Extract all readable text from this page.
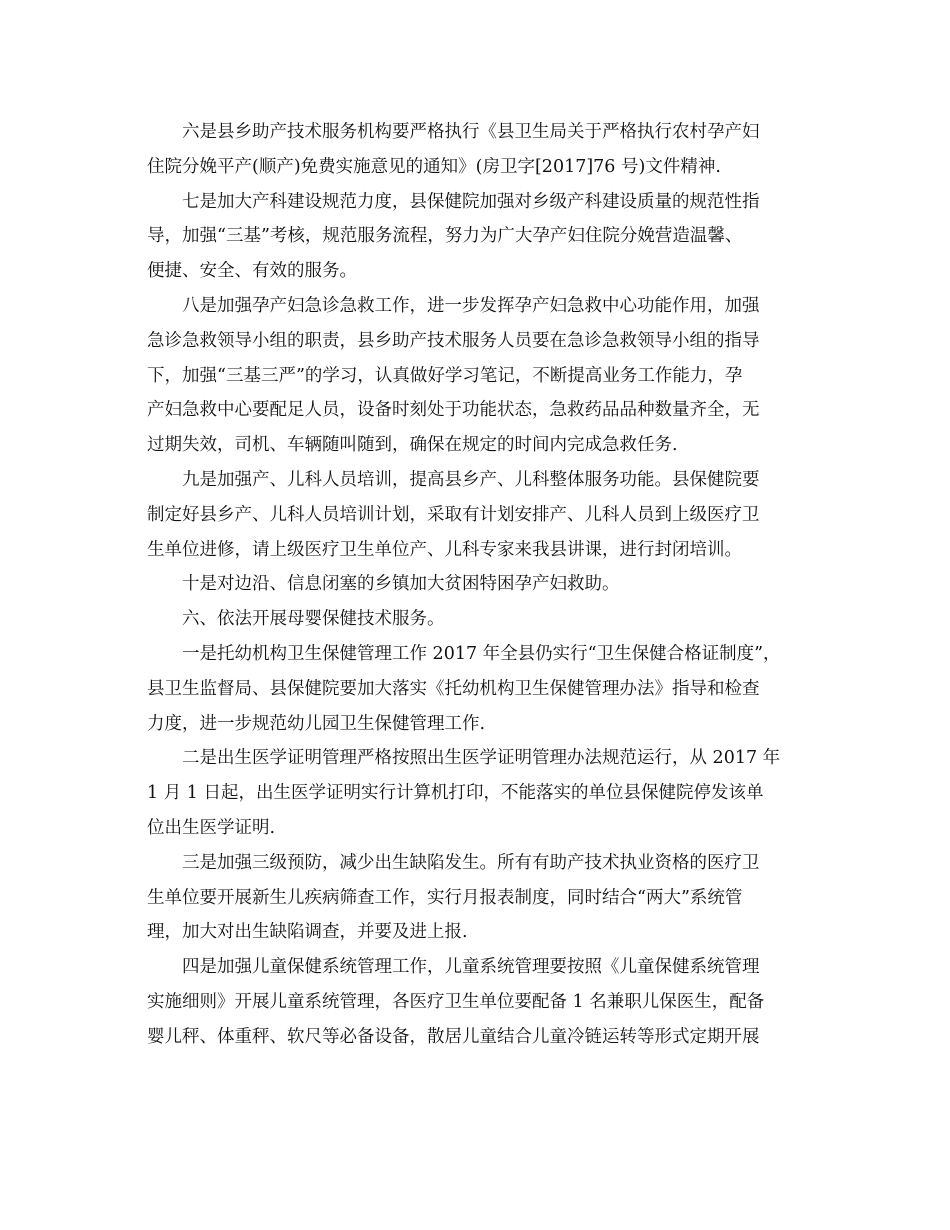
六是县乡助产技术服务机构要严格执行《县卫生局关于严格执行农村孕产妇
住院分娩平产(顺产)免费实施意见的通知》(房卫字[2017]76 号)文件精神.
七是加大产科建设规范力度，县保健院加强对乡级产科建设质量的规范性指
导，加强“三基”考核，规范服务流程，努力为广大孕产妇住院分娩营造温馨、
便捷、安全、有效的服务。
八是加强孕产妇急诊急救工作，进一步发挥孕产妇急救中心功能作用，加强
急诊急救领导小组的职责，县乡助产技术服务人员要在急诊急救领导小组的指导
下，加强“三基三严”的学习，认真做好学习笔记，不断提高业务工作能力，孕
产妇急救中心要配足人员，设备时刻处于功能状态，急救药品品种数量齐全，无
过期失效，司机、车辆随叫随到，确保在规定的时间内完成急救任务.
九是加强产、儿科人员培训，提高县乡产、儿科整体服务功能。县保健院要
制定好县乡产、儿科人员培训计划，采取有计划安排产、儿科人员到上级医疗卫
生单位进修，请上级医疗卫生单位产、儿科专家来我县讲课，进行封闭培训。
十是对边沿、信息闭塞的乡镇加大贫困特困孕产妇救助。
六、依法开展母婴保健技术服务。
一是托幼机构卫生保健管理工作 2017 年全县仍实行“卫生保健合格证制度”，
县卫生监督局、县保健院要加大落实《托幼机构卫生保健管理办法》指导和检查
力度，进一步规范幼儿园卫生保健管理工作.
二是出生医学证明管理严格按照出生医学证明管理办法规范运行，从 2017 年
1 月 1 日起，出生医学证明实行计算机打印，不能落实的单位县保健院停发该单
位出生医学证明.
三是加强三级预防，减少出生缺陷发生。所有有助产技术执业资格的医疗卫
生单位要开展新生儿疾病筛查工作，实行月报表制度，同时结合“两大”系统管
理，加大对出生缺陷调查，并要及进上报.
四是加强儿童保健系统管理工作，儿童系统管理要按照《儿童保健系统管理
实施细则》开展儿童系统管理，各医疗卫生单位要配备 1 名兼职儿保医生，配备
婴儿秤、体重秤、软尺等必备设备，散居儿童结合儿童冷链运转等形式定期开展
